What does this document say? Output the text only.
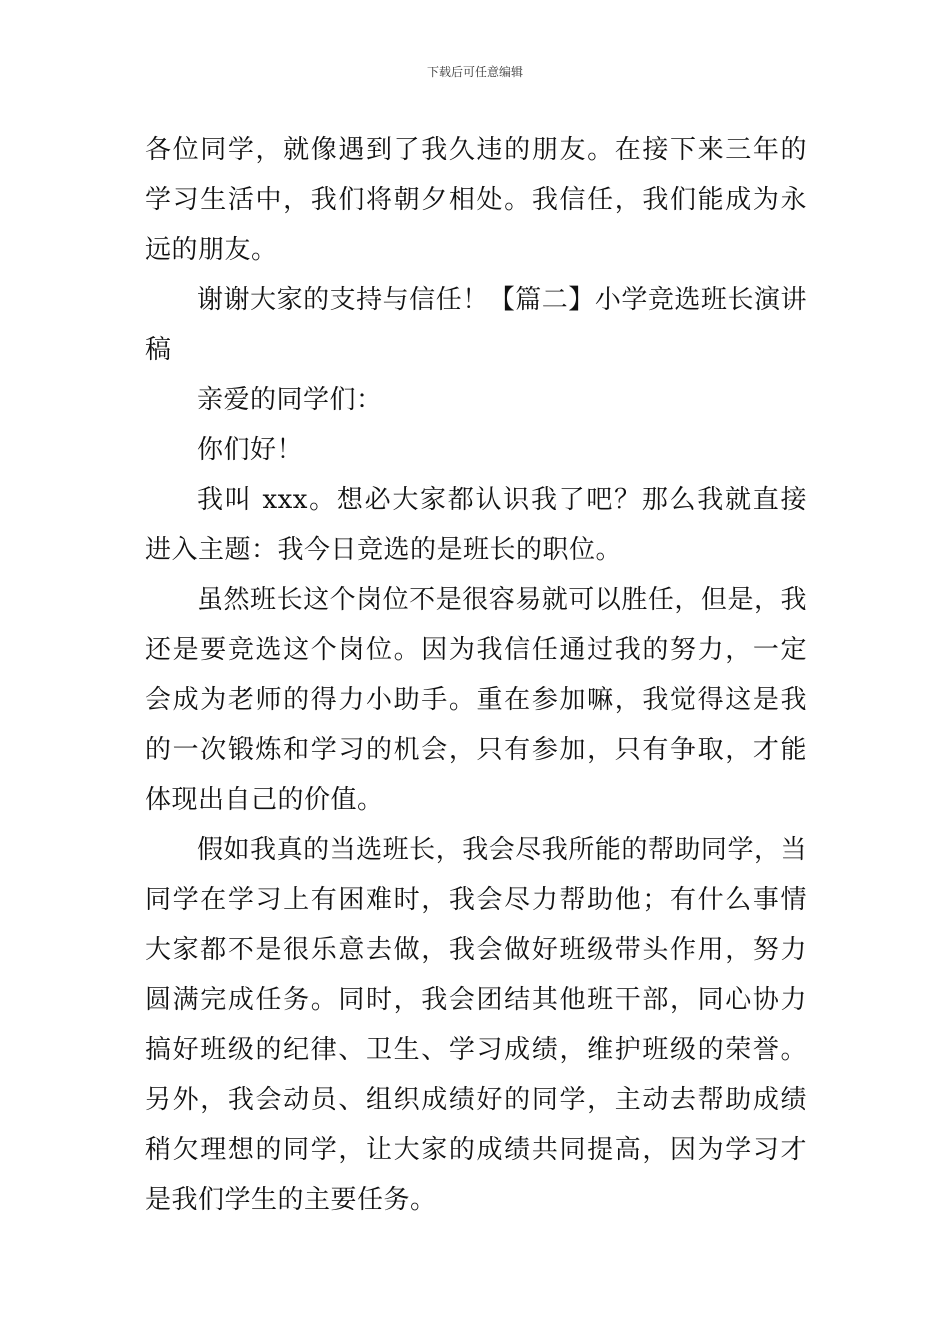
下载后可任意编辑

各位同学，就像遇到了我久违的朋友。在接下来三年的学习生活中，我们将朝夕相处。我信任，我们能成为永远的朋友。

谢谢大家的支持与信任！【篇二】小学竞选班长演讲稿

亲爱的同学们：

你们好！

我叫 xxx。想必大家都认识我了吧？那么我就直接进入主题：我今日竞选的是班长的职位。

虽然班长这个岗位不是很容易就可以胜任，但是，我还是要竞选这个岗位。因为我信任通过我的努力，一定会成为老师的得力小助手。重在参加嘛，我觉得这是我的一次锻炼和学习的机会，只有参加，只有争取，才能体现出自己的价值。

假如我真的当选班长，我会尽我所能的帮助同学，当同学在学习上有困难时，我会尽力帮助他；有什么事情大家都不是很乐意去做，我会做好班级带头作用，努力圆满完成任务。同时，我会团结其他班干部，同心协力搞好班级的纪律、卫生、学习成绩，维护班级的荣誉。另外，我会动员、组织成绩好的同学，主动去帮助成绩稍欠理想的同学，让大家的成绩共同提高，因为学习才是我们学生的主要任务。
